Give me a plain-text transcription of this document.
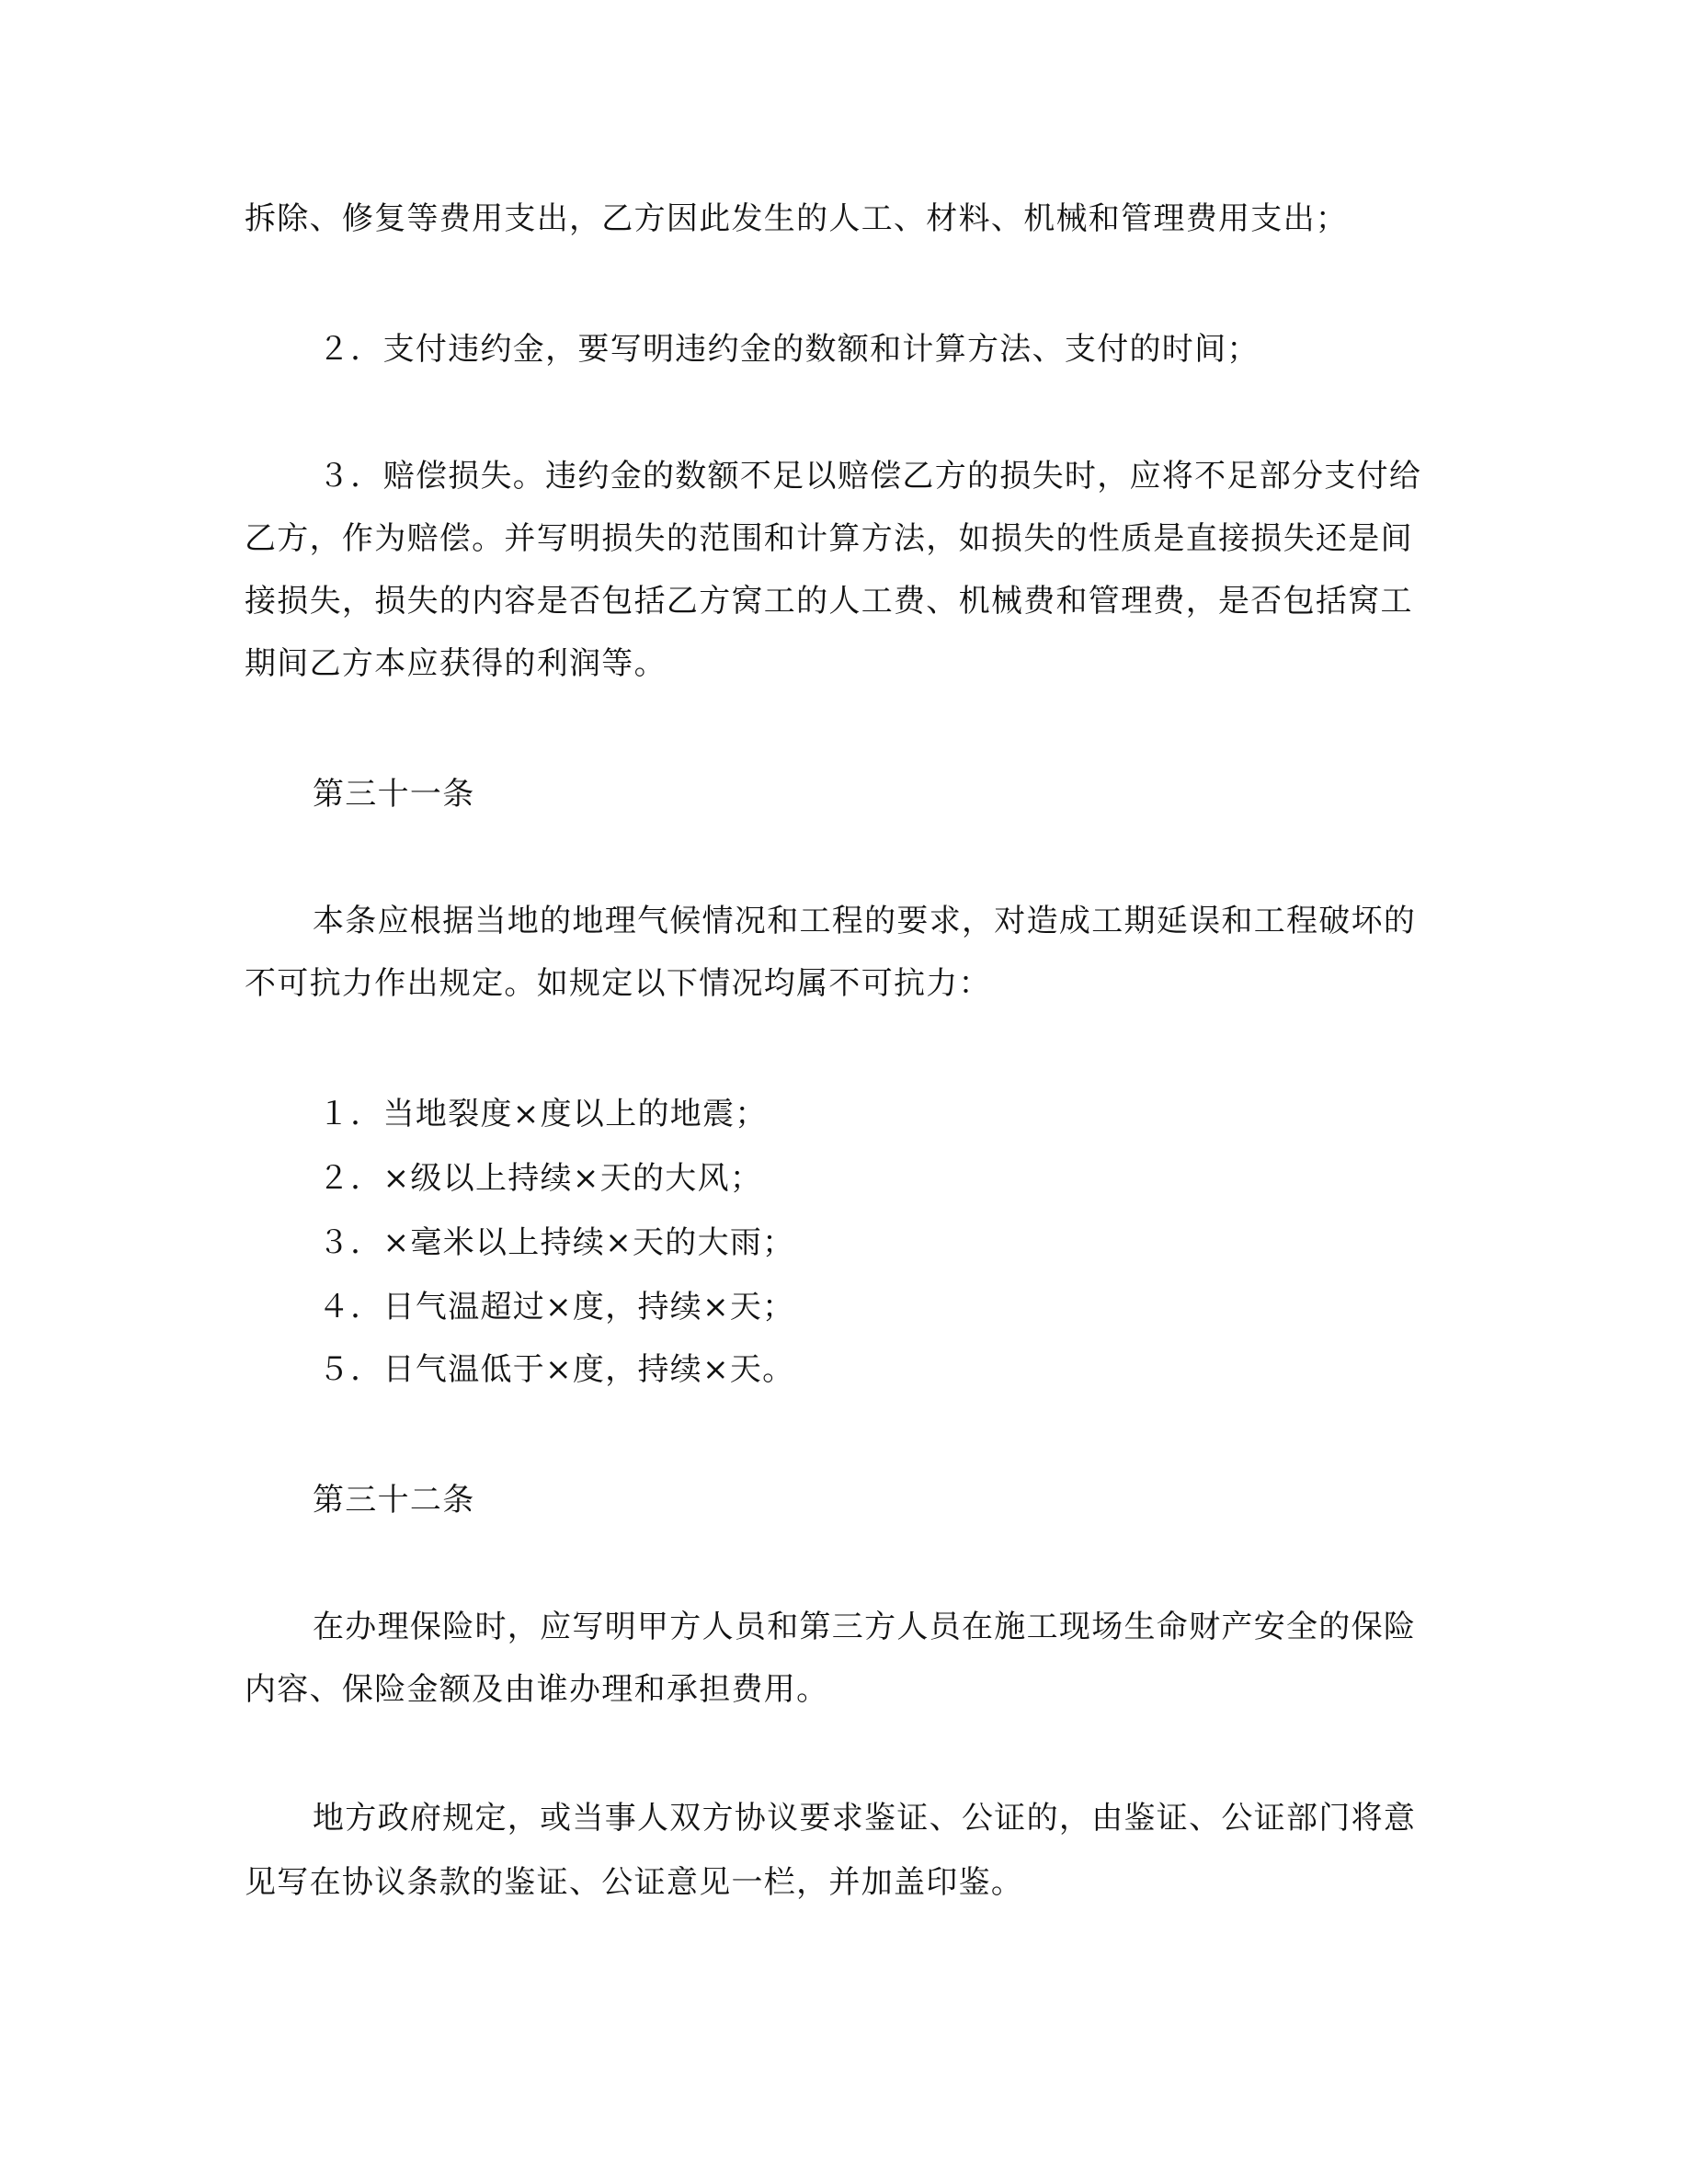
拆除、修复等费用支出，乙方因此发生的人工、材料、机械和管理费用支出；
２．支付违约金，要写明违约金的数额和计算方法、支付的时间；
３．赔偿损失。违约金的数额不足以赔偿乙方的损失时，应将不足部分支付给
乙方，作为赔偿。并写明损失的范围和计算方法，如损失的性质是直接损失还是间
接损失，损失的内容是否包括乙方窝工的人工费、机械费和管理费，是否包括窝工
期间乙方本应获得的利润等。
第三十一条
本条应根据当地的地理气候情况和工程的要求，对造成工期延误和工程破坏的
不可抗力作出规定。如规定以下情况均属不可抗力：
１．当地裂度×度以上的地震；
２．×级以上持续×天的大风；
３．×毫米以上持续×天的大雨；
４．日气温超过×度，持续×天；
５．日气温低于×度，持续×天。
第三十二条
在办理保险时，应写明甲方人员和第三方人员在施工现场生命财产安全的保险
内容、保险金额及由谁办理和承担费用。
地方政府规定，或当事人双方协议要求鉴证、公证的，由鉴证、公证部门将意
见写在协议条款的鉴证、公证意见一栏，并加盖印鉴。
